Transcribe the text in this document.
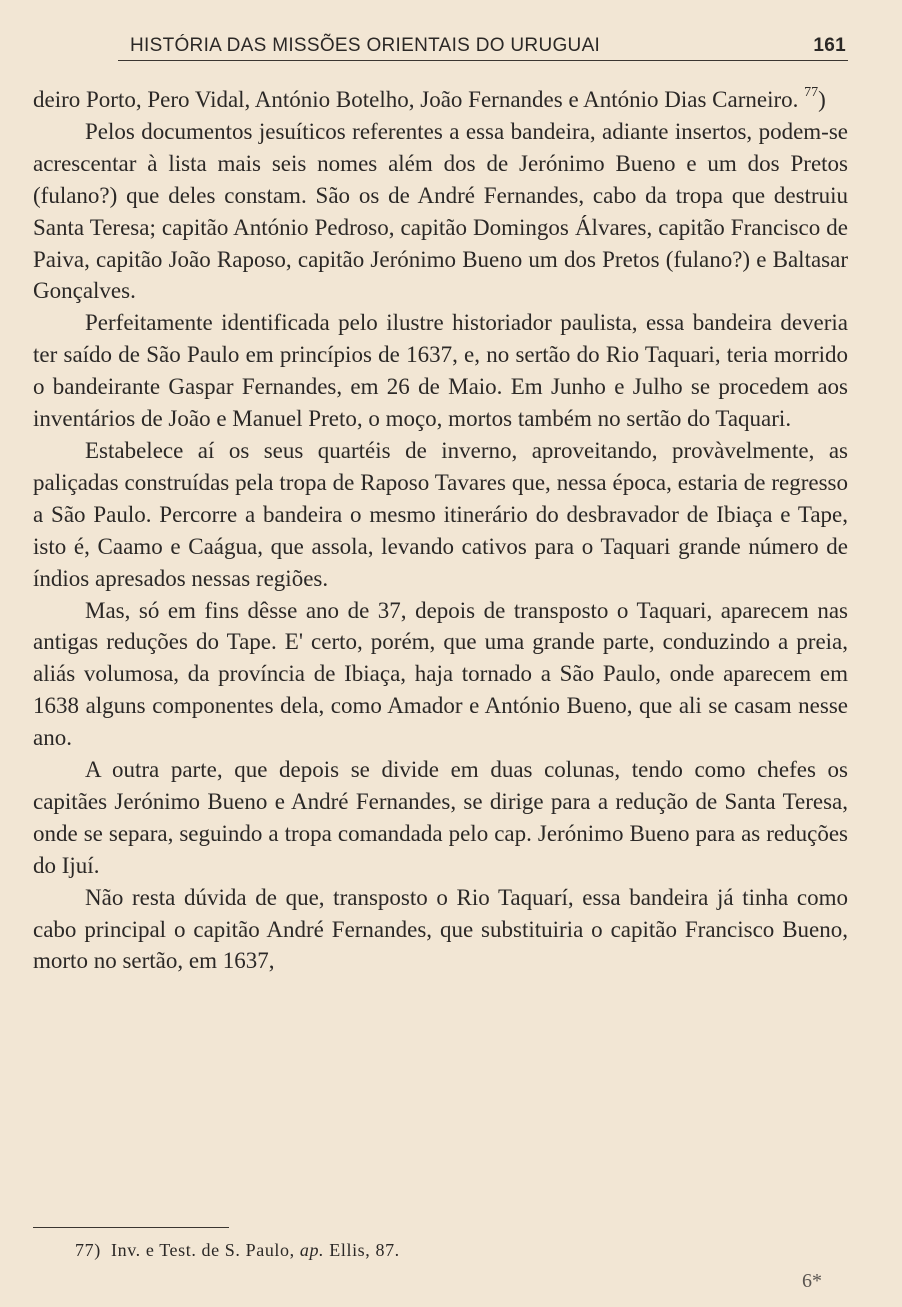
HISTÓRIA DAS MISSÕES ORIENTAIS DO URUGUAI	161

deiro Porto, Pero Vidal, António Botelho, João Fernandes e António Dias Carneiro. $^{77}$)

Pelos documentos jesuíticos referentes a essa bandeira, adiante insertos, podem-se acrescentar à lista mais seis nomes além dos de Jerónimo Bueno e um dos Pretos (fulano?) que deles constam. São os de André Fernandes, cabo da tropa que destruiu Santa Teresa; capitão António Pedroso, capitão Domingos Álvares, capitão Francisco de Paiva, capitão João Raposo, capitão Jerónimo Bueno um dos Pretos (fulano?) e Baltasar Gonçalves.

Perfeitamente identificada pelo ilustre historiador paulista, essa bandeira deveria ter saído de São Paulo em princípios de 1637, e, no sertão do Rio Taquari, teria morrido o bandeirante Gaspar Fernandes, em 26 de Maio. Em Junho e Julho se procedem aos inventários de João e Manuel Preto, o moço, mortos também no sertão do Taquari.

Estabelece aí os seus quartéis de inverno, aproveitando, provàvelmente, as paliçadas construídas pela tropa de Raposo Tavares que, nessa época, estaria de regresso a São Paulo. Percorre a bandeira o mesmo itinerário do desbravador de Ibiaça e Tape, isto é, Caamo e Caágua, que assola, levando cativos para o Taquari grande número de índios apresados nessas regiões.

Mas, só em fins dêsse ano de 37, depois de transposto o Taquari, aparecem nas antigas reduções do Tape. E' certo, porém, que uma grande parte, conduzindo a preia, aliás volumosa, da província de Ibiaça, haja tornado a São Paulo, onde aparecem em 1638 alguns componentes dela, como Amador e António Bueno, que ali se casam nesse ano.

A outra parte, que depois se divide em duas colunas, tendo como chefes os capitães Jerónimo Bueno e André Fernandes, se dirige para a redução de Santa Teresa, onde se separa, seguindo a tropa comandada pelo cap. Jerónimo Bueno para as reduções do Ijuí.

Não resta dúvida de que, transposto o Rio Taquarí, essa bandeira já tinha como cabo principal o capitão André Fernandes, que substituiria o capitão Francisco Bueno, morto no sertão, em 1637,

77) Inv. e Test. de S. Paulo, ap. Ellis, 87.
6*
